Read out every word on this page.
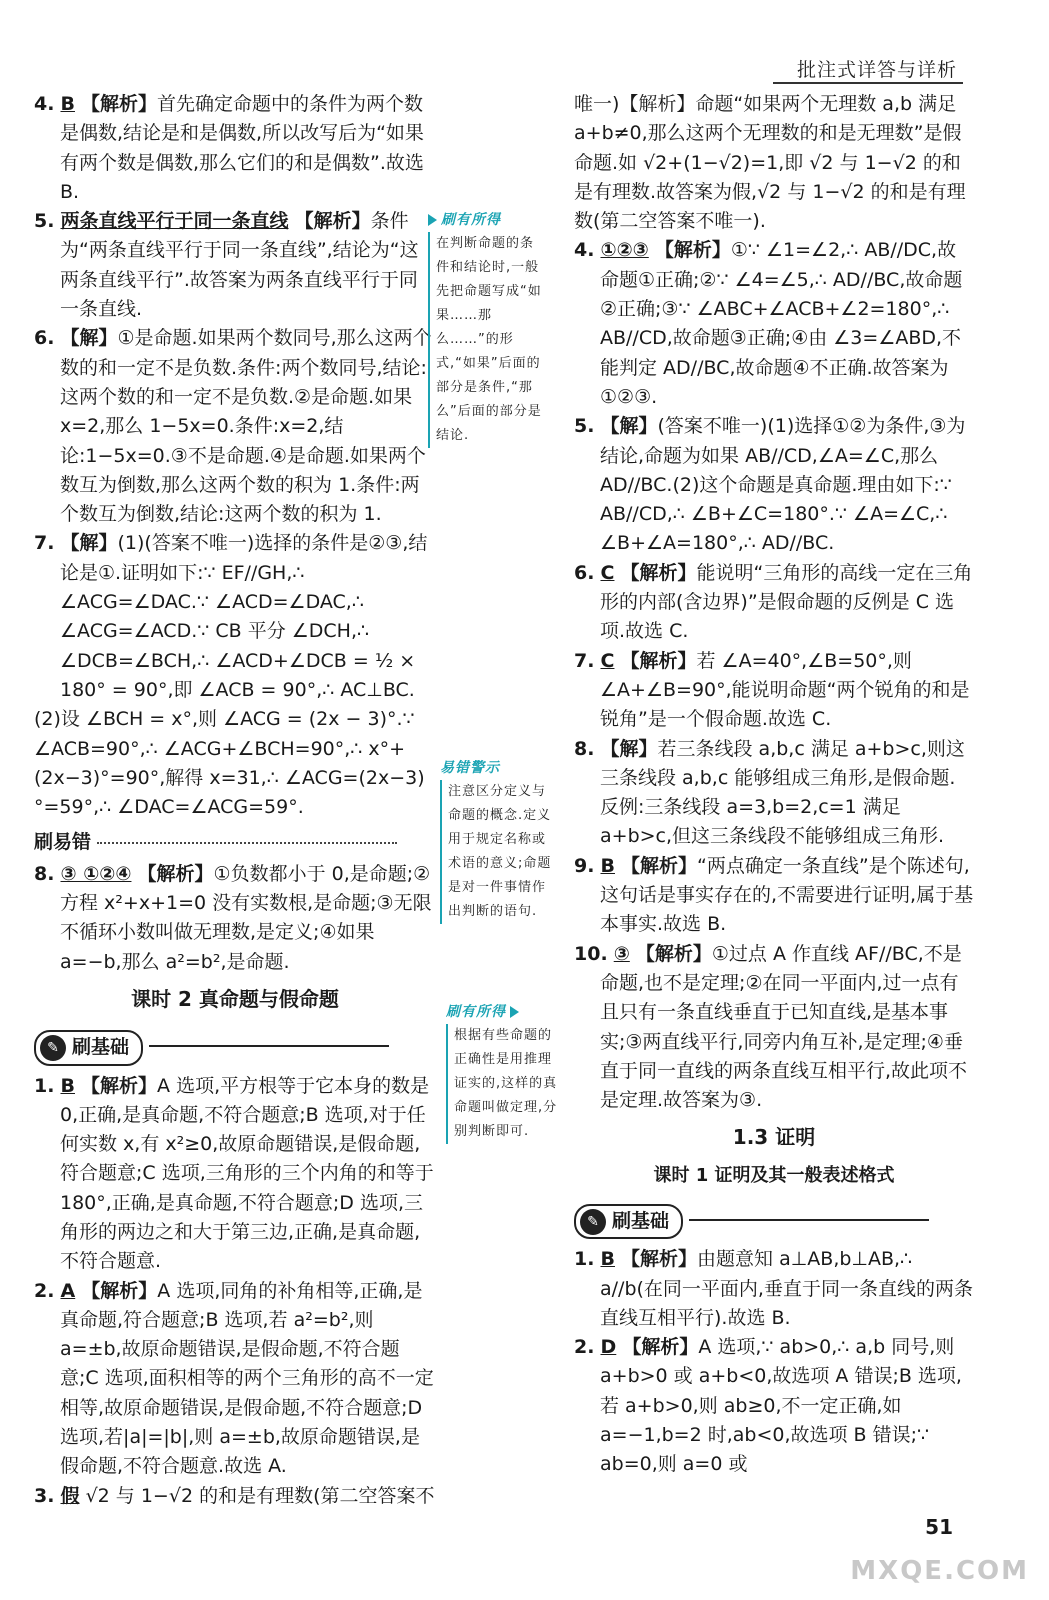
批注式详答与详析
4. B 【解析】首先确定命题中的条件为两个数是偶数,结论是和是偶数,所以改写后为“如果有两个数是偶数,那么它们的和是偶数”.故选 B.
5. 两条直线平行于同一条直线 【解析】条件为“两条直线平行于同一条直线”,结论为“这两条直线平行”.故答案为两条直线平行于同一条直线.
6. 【解】①是命题.如果两个数同号,那么这两个数的和一定不是负数.条件:两个数同号,结论:这两个数的和一定不是负数.②是命题.如果 x=2,那么 1−5x=0.条件:x=2,结论:1−5x=0.③不是命题.④是命题.如果两个数互为倒数,那么这两个数的积为 1.条件:两个数互为倒数,结论:这两个数的积为 1.
7. 【解】(1)(答案不唯一)选择的条件是②③,结论是①.证明如下:∵ EF//GH,∴ ∠ACG=∠DAC.∵ ∠ACD=∠DAC,∴ ∠ACG=∠ACD.∵ CB 平分 ∠DCH,∴ ∠DCB=∠BCH,∴ ∠ACD+∠DCB = ½ × 180° = 90°,即 ∠ACB = 90°,∴ AC⊥BC.
(2)设 ∠BCH = x°,则 ∠ACG = (2x − 3)°.∵ ∠ACB=90°,∴ ∠ACG+∠BCH=90°,∴ x°+(2x−3)°=90°,解得 x=31,∴ ∠ACG=(2x−3)°=59°,∴ ∠DAC=∠ACG=59°.
刷易错
8. ③ ①②④ 【解析】①负数都小于 0,是命题;②方程 x²+x+1=0 没有实数根,是命题;③无限不循环小数叫做无理数,是定义;④如果 a=−b,那么 a²=b²,是命题.
课时 2 真命题与假命题
✎ 刷基础
1. B 【解析】A 选项,平方根等于它本身的数是 0,正确,是真命题,不符合题意;B 选项,对于任何实数 x,有 x²≥0,故原命题错误,是假命题,符合题意;C 选项,三角形的三个内角的和等于 180°,正确,是真命题,不符合题意;D 选项,三角形的两边之和大于第三边,正确,是真命题,不符合题意.
2. A 【解析】A 选项,同角的补角相等,正确,是真命题,符合题意;B 选项,若 a²=b²,则 a=±b,故原命题错误,是假命题,不符合题意;C 选项,面积相等的两个三角形的高不一定相等,故原命题错误,是假命题,不符合题意;D 选项,若|a|=|b|,则 a=±b,故原命题错误,是假命题,不符合题意.故选 A.
3. 假 √2 与 1−√2 的和是有理数(第二空答案不
刷有所得
在判断命题的条件和结论时,一般先把命题写成“如果……那么……”的形式,“如果”后面的部分是条件,“那么”后面的部分是结论.
易错警示
注意区分定义与命题的概念.定义用于规定名称或术语的意义;命题是对一件事情作出判断的语句.
刷有所得
根据有些命题的正确性是用推理证实的,这样的真命题叫做定理,分别判断即可.
唯一)【解析】命题“如果两个无理数 a,b 满足 a+b≠0,那么这两个无理数的和是无理数”是假命题.如 √2+(1−√2)=1,即 √2 与 1−√2 的和是有理数.故答案为假,√2 与 1−√2 的和是有理数(第二空答案不唯一).
4. ①②③ 【解析】①∵ ∠1=∠2,∴ AB//DC,故命题①正确;②∵ ∠4=∠5,∴ AD//BC,故命题②正确;③∵ ∠ABC+∠ACB+∠2=180°,∴ AB//CD,故命题③正确;④由 ∠3=∠ABD,不能判定 AD//BC,故命题④不正确.故答案为①②③.
5. 【解】(答案不唯一)(1)选择①②为条件,③为结论,命题为如果 AB//CD,∠A=∠C,那么 AD//BC.(2)这个命题是真命题.理由如下:∵ AB//CD,∴ ∠B+∠C=180°.∵ ∠A=∠C,∴ ∠B+∠A=180°,∴ AD//BC.
6. C 【解析】能说明“三角形的高线一定在三角形的内部(含边界)”是假命题的反例是 C 选项.故选 C.
7. C 【解析】若 ∠A=40°,∠B=50°,则 ∠A+∠B=90°,能说明命题“两个锐角的和是锐角”是一个假命题.故选 C.
8. 【解】若三条线段 a,b,c 满足 a+b>c,则这三条线段 a,b,c 能够组成三角形,是假命题.反例:三条线段 a=3,b=2,c=1 满足 a+b>c,但这三条线段不能够组成三角形.
9. B 【解析】“两点确定一条直线”是个陈述句,这句话是事实存在的,不需要进行证明,属于基本事实.故选 B.
10. ③ 【解析】①过点 A 作直线 AF//BC,不是命题,也不是定理;②在同一平面内,过一点有且只有一条直线垂直于已知直线,是基本事实;③两直线平行,同旁内角互补,是定理;④垂直于同一直线的两条直线互相平行,故此项不是定理.故答案为③.
1.3 证明
课时 1 证明及其一般表述格式
✎ 刷基础
1. B 【解析】由题意知 a⊥AB,b⊥AB,∴ a//b(在同一平面内,垂直于同一条直线的两条直线互相平行).故选 B.
2. D 【解析】A 选项,∵ ab>0,∴ a,b 同号,则 a+b>0 或 a+b<0,故选项 A 错误;B 选项,若 a+b>0,则 ab≥0,不一定正确,如 a=−1,b=2 时,ab<0,故选项 B 错误;∵ ab=0,则 a=0 或
51
MXQE.COM
